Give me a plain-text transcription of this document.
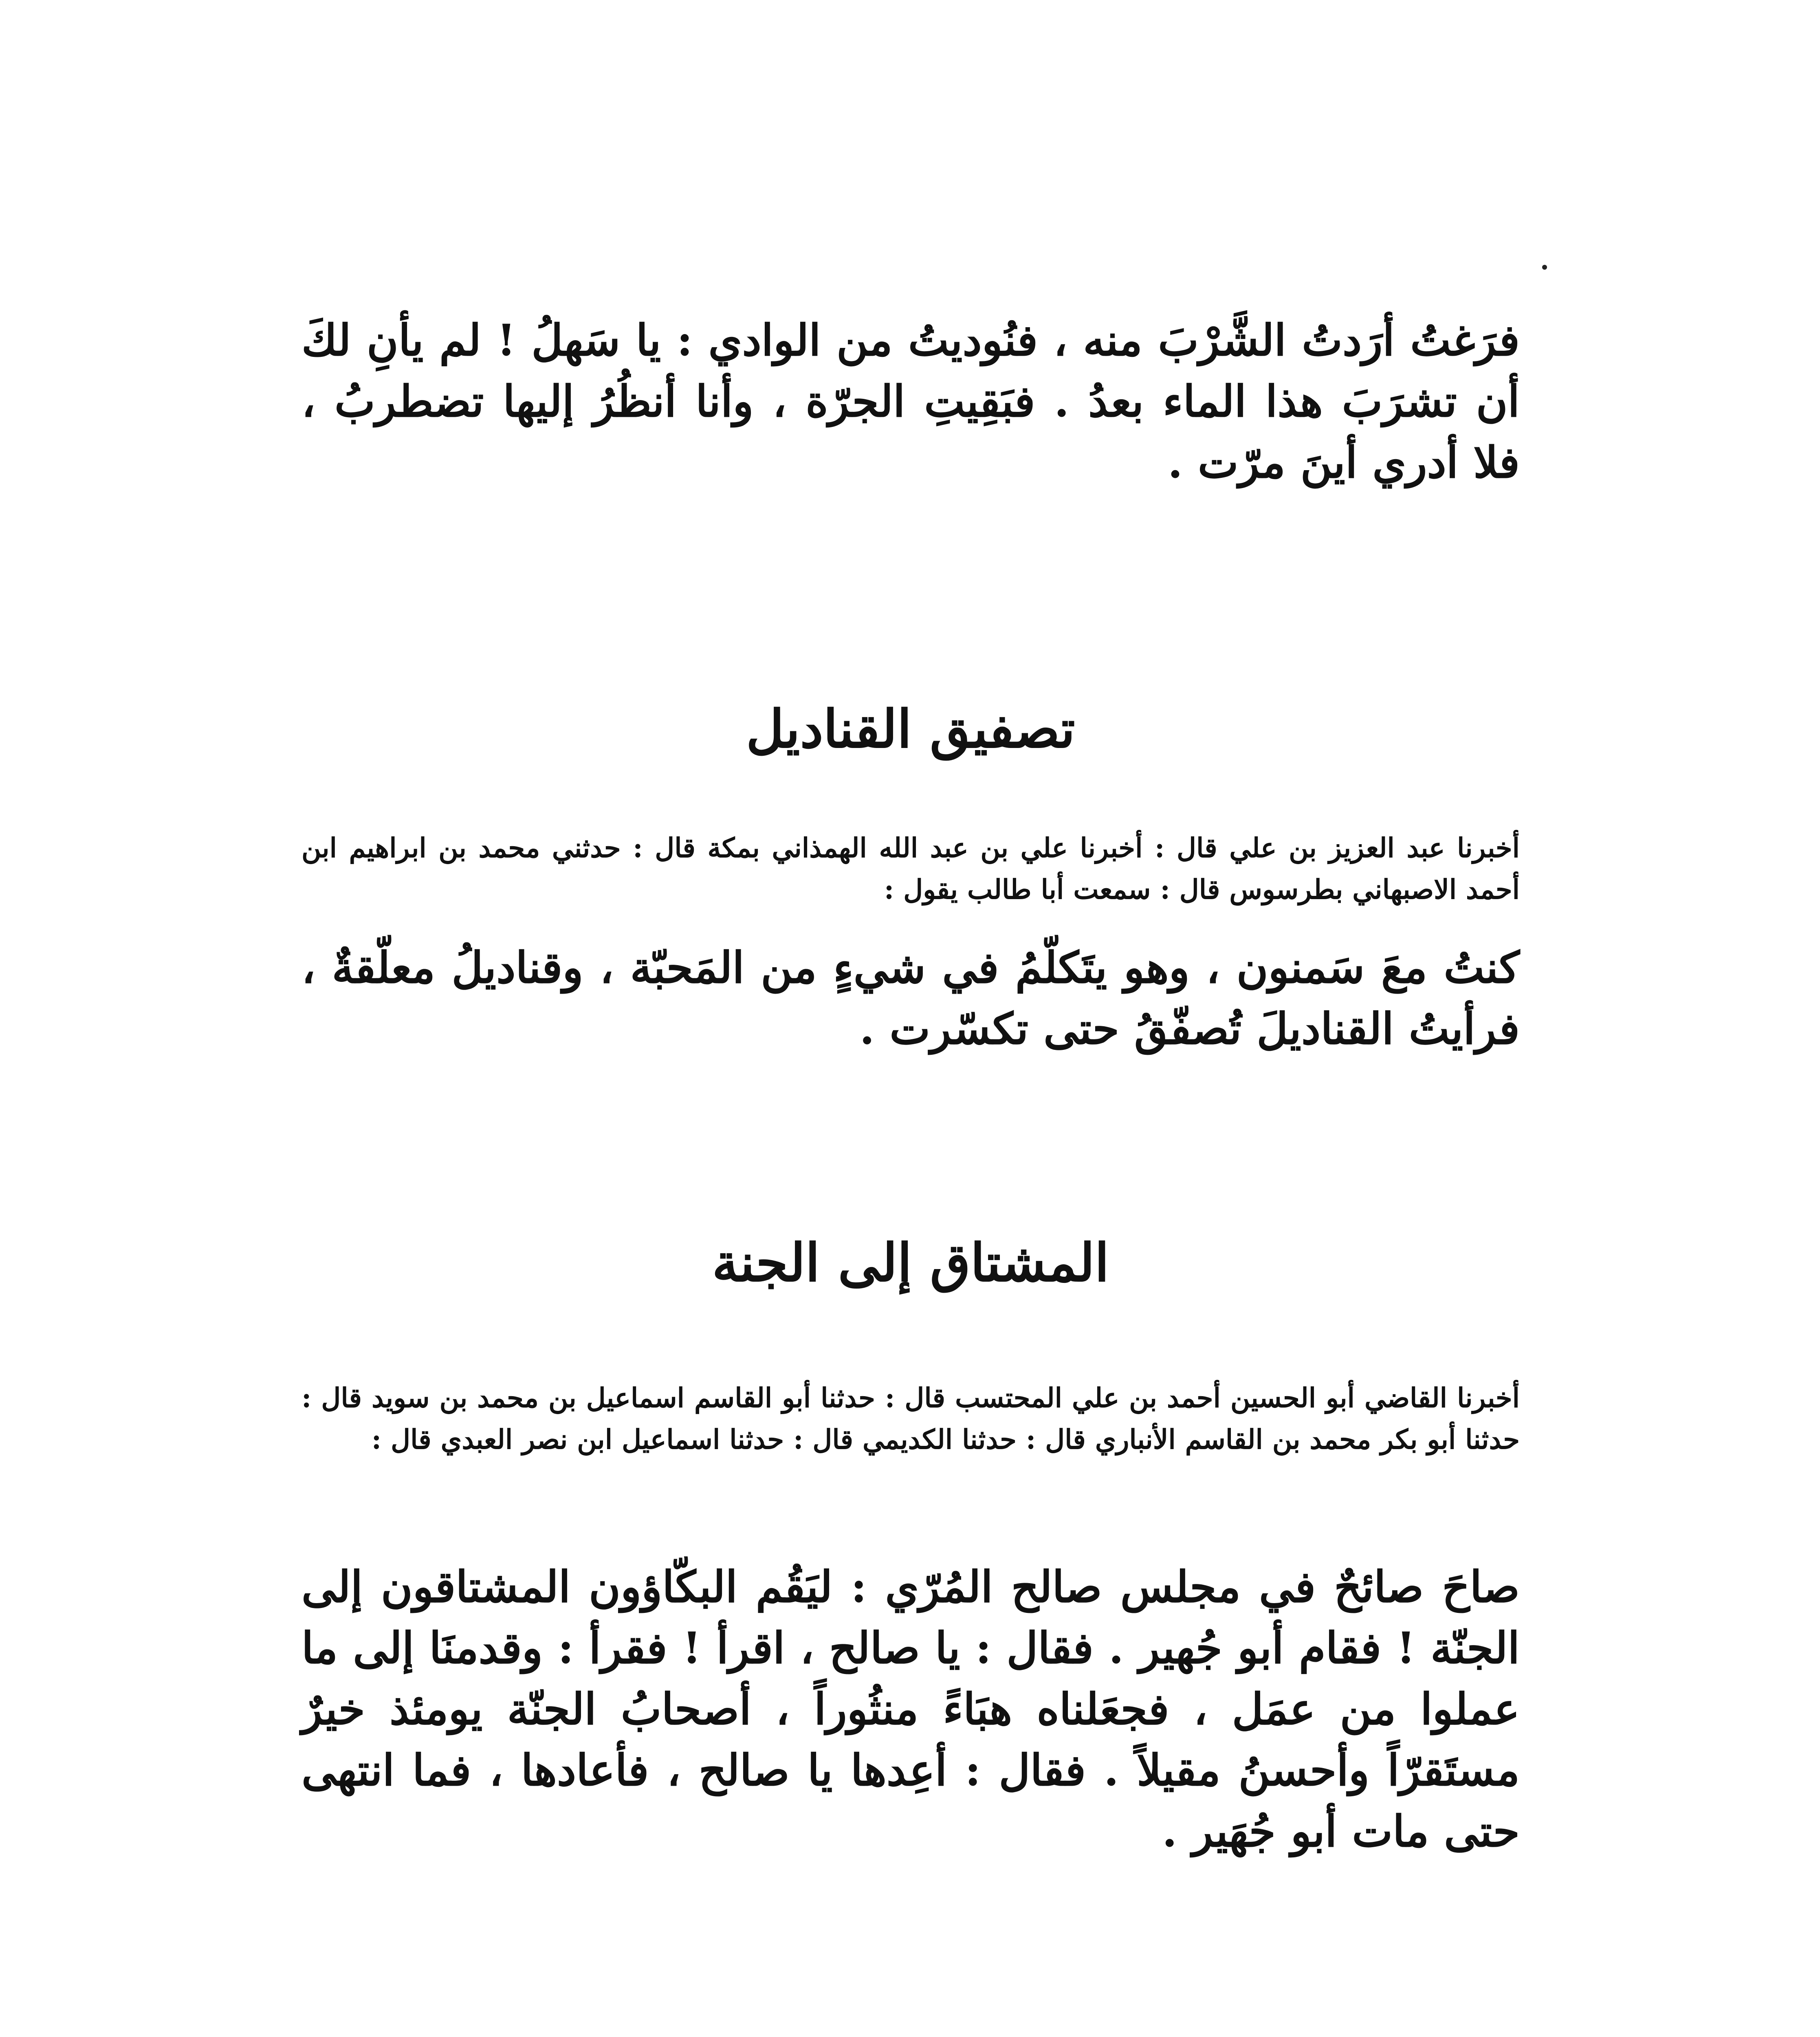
فرَغتُ أرَدتُ الشَّرْبَ منه ، فنُوديتُ من الوادي : يا سَهلُ ! لم يأنِ لكَ أن تشرَبَ هذا الماء بعدُ . فبَقِيتِ الجرّة ، وأنا أنظُرُ إليها تضطربُ ، فلا أدري أينَ مرّت .

تصفيق القناديل

أخبرنا عبد العزيز بن علي قال : أخبرنا علي بن عبد الله الهمذاني بمكة قال : حدثني محمد بن ابراهيم ابن أحمد الاصبهاني بطرسوس قال : سمعت أبا طالب يقول :

كنتُ معَ سَمنون ، وهو يتَكلّمُ في شيءٍ من المَحبّة ، وقناديلُ معلّقةٌ ، فرأيتُ القناديلَ تُصفّقُ حتى تكسّرت .

المشتاق إلى الجنة

أخبرنا القاضي أبو الحسين أحمد بن علي المحتسب قال : حدثنا أبو القاسم اسماعيل بن محمد بن سويد قال : حدثنا أبو بكر محمد بن القاسم الأنباري قال : حدثنا الكديمي قال : حدثنا اسماعيل ابن نصر العبدي قال :

صاحَ صائحٌ في مجلس صالح المُرّي : ليَقُم البكّاؤون المشتاقون إلى الجنّة ! فقام أبو جُهير . فقال : يا صالح ، اقرأ ! فقرأ : وقدمنَا إلى ما عملوا من عمَل ، فجعَلناه هبَاءً منثُوراً ، أصحابُ الجنّة يومئذ خيرٌ مستَقرّاً وأحسنُ مقيلاً . فقال : أعِدها يا صالح ، فأعادها ، فما انتهى حتى مات أبو جُهَير .
